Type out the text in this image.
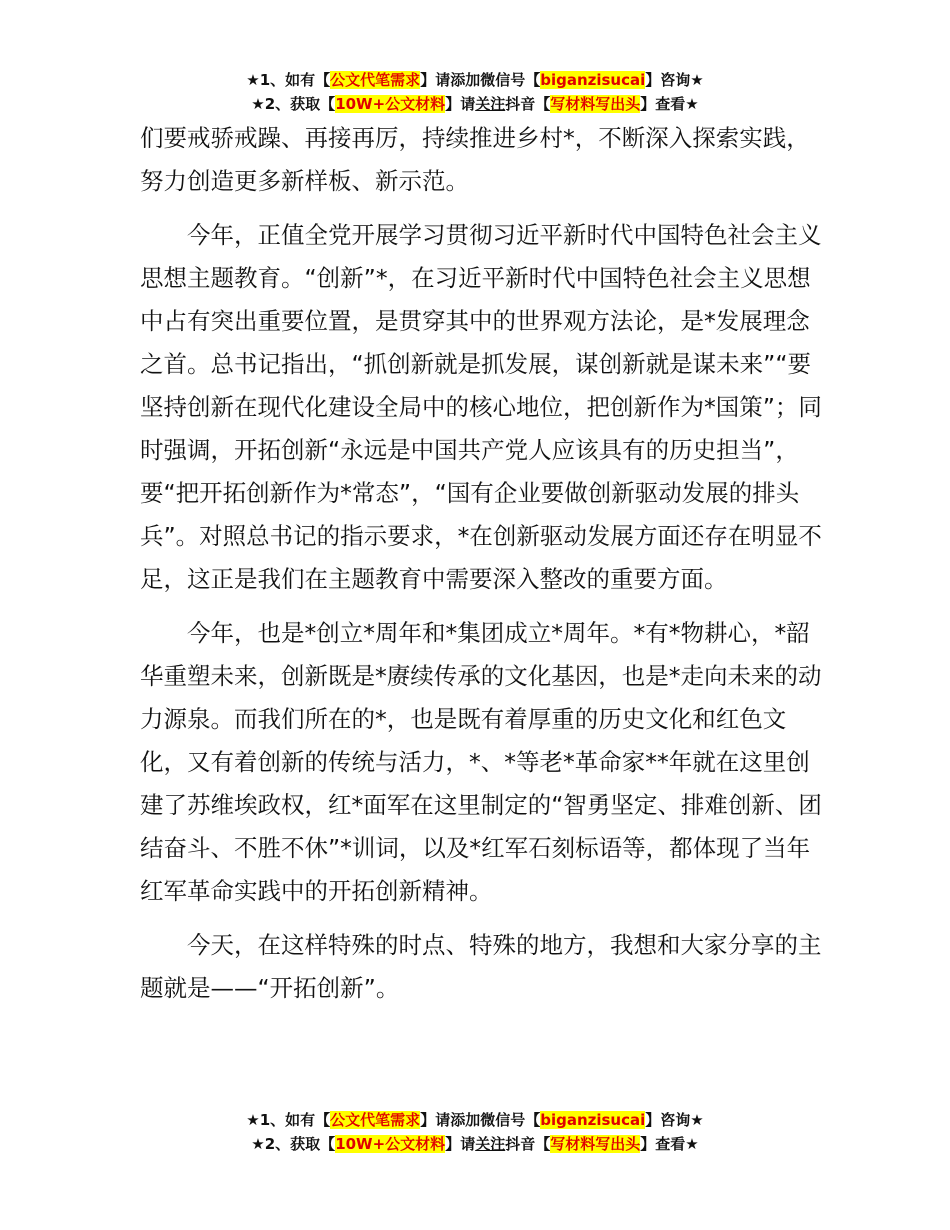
★1、如有【公文代笔需求】请添加微信号【biganzisucai】咨询★
★2、获取【10W+公文材料】请关注抖音【写材料写出头】查看★

们要戒骄戒躁、再接再厉，持续推进乡村*，不断深入探索实践，努力创造更多新样板、新示范。

今年，正值全党开展学习贯彻习近平新时代中国特色社会主义思想主题教育。“创新”*，在习近平新时代中国特色社会主义思想中占有突出重要位置，是贯穿其中的世界观方法论，是*发展理念之首。总书记指出，“抓创新就是抓发展，谋创新就是谋未来”“要坚持创新在现代化建设全局中的核心地位，把创新作为*国策”；同时强调，开拓创新“永远是中国共产党人应该具有的历史担当”，要“把开拓创新作为*常态”，“国有企业要做创新驱动发展的排头兵”。对照总书记的指示要求，*在创新驱动发展方面还存在明显不足，这正是我们在主题教育中需要深入整改的重要方面。

今年，也是*创立*周年和*集团成立*周年。*有*物耕心，*韶华重塑未来，创新既是*赓续传承的文化基因，也是*走向未来的动力源泉。而我们所在的*，也是既有着厚重的历史文化和红色文化，又有着创新的传统与活力，*、*等老*革命家**年就在这里创建了苏维埃政权，红*面军在这里制定的“智勇坚定、排难创新、团结奋斗、不胜不休”*训词，以及*红军石刻标语等，都体现了当年红军革命实践中的开拓创新精神。

今天，在这样特殊的时点、特殊的地方，我想和大家分享的主题就是——“开拓创新”。

★1、如有【公文代笔需求】请添加微信号【biganzisucai】咨询★
★2、获取【10W+公文材料】请关注抖音【写材料写出头】查看★
